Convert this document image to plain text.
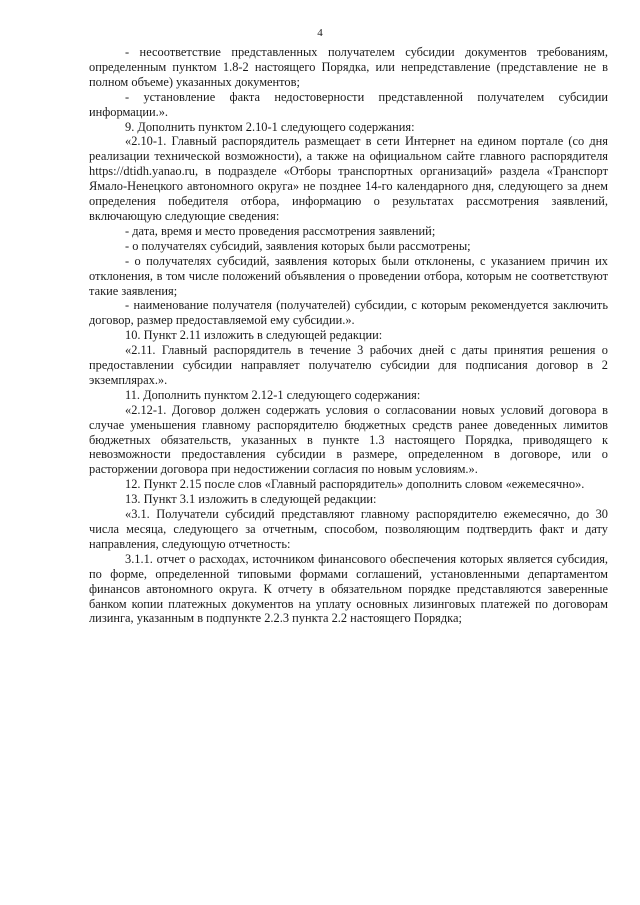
4

- несоответствие представленных получателем субсидии документов требованиям, определенным пунктом 1.8-2 настоящего Порядка, или непредставление (представление не в полном объеме) указанных документов;

- установление факта недостоверности представленной получателем субсидии информации.».

9. Дополнить пунктом 2.10-1 следующего содержания:

«2.10-1. Главный распорядитель размещает в сети Интернет на едином портале (со дня реализации технической возможности), а также на официальном сайте главного распорядителя https://dtidh.yanao.ru, в подразделе «Отборы транспортных организаций» раздела «Транспорт Ямало-Ненецкого автономного округа» не позднее 14-го календарного дня, следующего за днем определения победителя отбора, информацию о результатах рассмотрения заявлений, включающую следующие сведения:

- дата, время и место проведения рассмотрения заявлений;

- о получателях субсидий, заявления которых были рассмотрены;

- о получателях субсидий, заявления которых были отклонены, с указанием причин их отклонения, в том числе положений объявления о проведении отбора, которым не соответствуют такие заявления;

- наименование получателя (получателей) субсидии, с которым рекомендуется заключить договор, размер предоставляемой ему субсидии.».

10. Пункт 2.11 изложить в следующей редакции:

«2.11. Главный распорядитель в течение 3 рабочих дней с даты принятия решения о предоставлении субсидии направляет получателю субсидии для подписания договор в 2 экземплярах.».

11. Дополнить пунктом 2.12-1 следующего содержания:

«2.12-1. Договор должен содержать условия о согласовании новых условий договора в случае уменьшения главному распорядителю бюджетных средств ранее доведенных лимитов бюджетных обязательств, указанных в пункте 1.3 настоящего Порядка, приводящего к невозможности предоставления субсидии в размере, определенном в договоре, или о расторжении договора при недостижении согласия по новым условиям.».

12. Пункт 2.15 после слов «Главный распорядитель» дополнить словом «ежемесячно».

13. Пункт 3.1 изложить в следующей редакции:

«3.1. Получатели субсидий представляют главному распорядителю ежемесячно, до 30 числа месяца, следующего за отчетным, способом, позволяющим подтвердить факт и дату направления, следующую отчетность:

3.1.1. отчет о расходах, источником финансового обеспечения которых является субсидия, по форме, определенной типовыми формами соглашений, установленными департаментом финансов автономного округа. К отчету в обязательном порядке представляются заверенные банком копии платежных документов на уплату основных лизинговых платежей по договорам лизинга, указанным в подпункте 2.2.3 пункта 2.2 настоящего Порядка;
